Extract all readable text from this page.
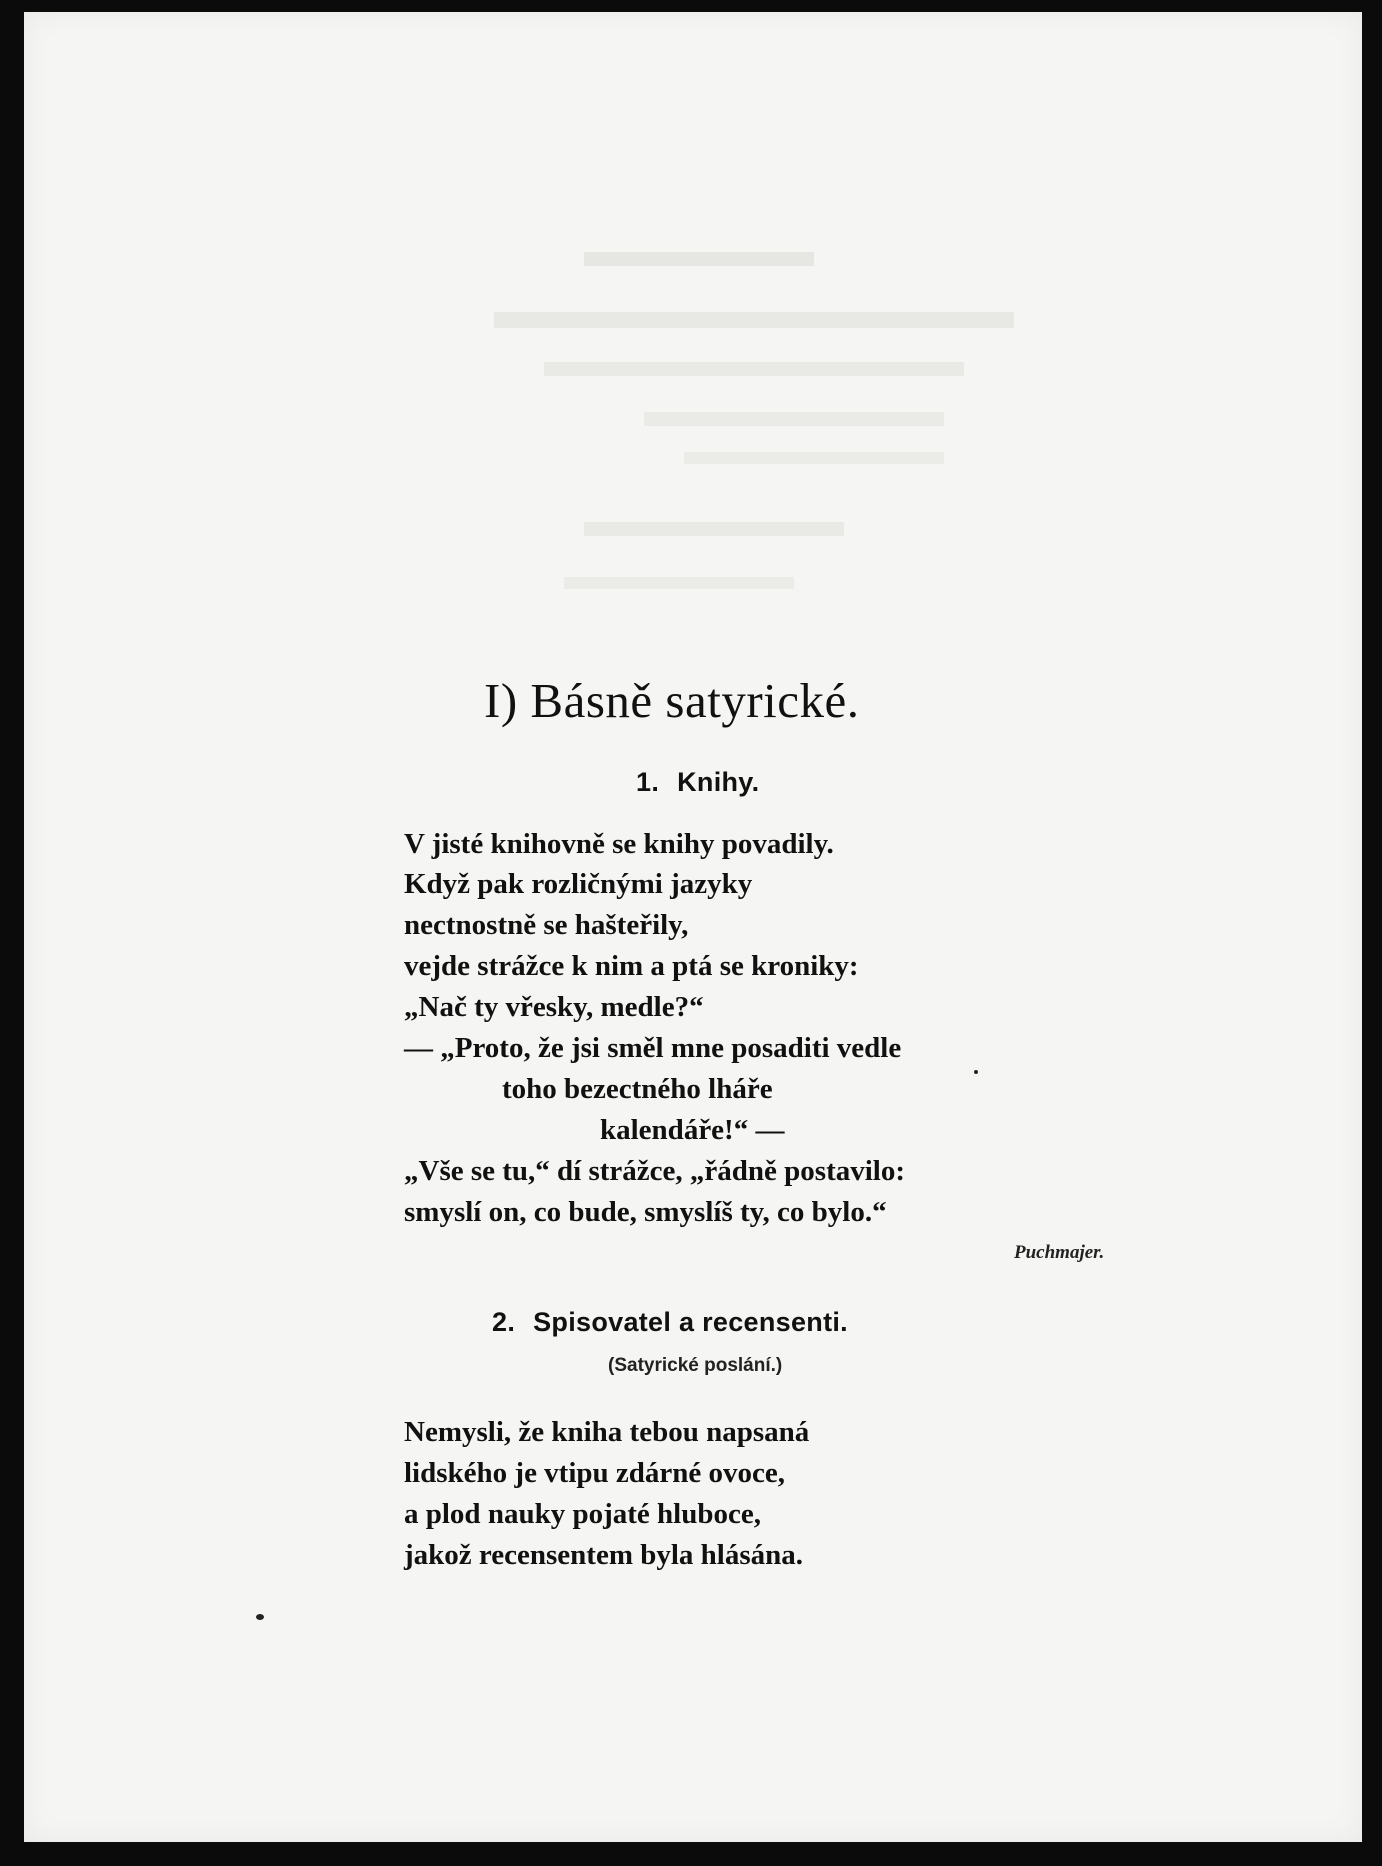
I) Básně satyrické.
1. Knihy.
V jisté knihovně se knihy povadily.
Když pak rozličnými jazyky
nectnostně se hašteřily,
vejde strážce k nim a ptá se kroniky:
„Nač ty vřesky, medle?“
— „Proto, že jsi směl mne posaditi vedle
toho bezectného lháře
kalendáře!“ —
„Vše se tu,“ dí strážce, „řádně postavilo:
smyslí on, co bude, smyslíš ty, co bylo.“
Puchmajer.
2. Spisovatel a recensenti.
(Satyrické poslání.)
Nemysli, že kniha tebou napsaná
lidského je vtipu zdárné ovoce,
a plod nauky pojaté hluboce,
jakož recensentem byla hlásána.
